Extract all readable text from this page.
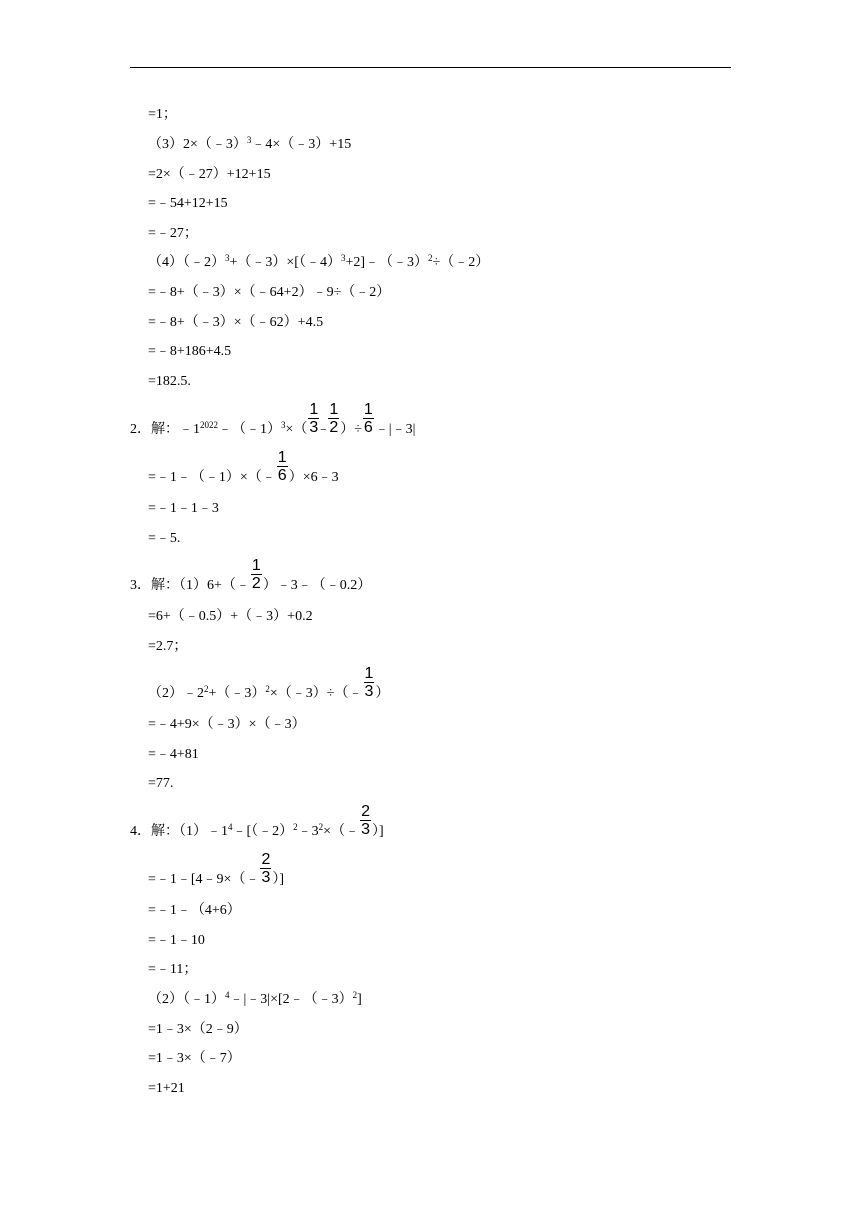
=1；
（3）2×（﹣3）$^3$﹣4×（﹣3）+15
=2×（﹣27）+12+15
=﹣54+12+15
=﹣27；
（4）（﹣2）$^3$+（﹣3）×[（﹣4）$^3$+2]﹣（﹣3）$^2$÷（﹣2）
=﹣8+（﹣3）×（﹣64+2）﹣9÷（﹣2）
=﹣8+（﹣3）×（﹣62）+4.5
=﹣8+186+4.5
=182.5.
2．解：$﹣1^{2022}﹣(﹣1)^3\times( \frac{1}{3}$
﹣
$\frac{1}{2}$ ）÷ $\frac{1}{6}$ ﹣|﹣3|
=﹣1﹣（﹣1）×（﹣ $\frac{1}{6}$ ）×6﹣3
=﹣1﹣1﹣3
=﹣5.
3．解：（1）6+（﹣ $\frac{1}{2}$ ）﹣3﹣（﹣0.2）
=6+（﹣0.5）+（﹣3）+0.2
=2.7；
$(2)﹣2^2+(﹣3)^2\times(﹣3)\div(﹣ \frac{1}{3}$ ）
=﹣4+9×（﹣3）×（﹣3）
=﹣4+81
=77.
4．解：$(1)﹣1^4﹣[(﹣2)^2﹣3^2\times(﹣ \frac{2}{3}$ ）]
=﹣1﹣[4﹣9×（﹣ $\frac{2}{3}$ ）]
=﹣1﹣（4+6）
=﹣1﹣10
=﹣11；
（2）（﹣1）$^4$﹣|﹣3|×[2﹣（﹣3）$^2$]
=1﹣3×（2﹣9）
=1﹣3×（﹣7）
=1+21
